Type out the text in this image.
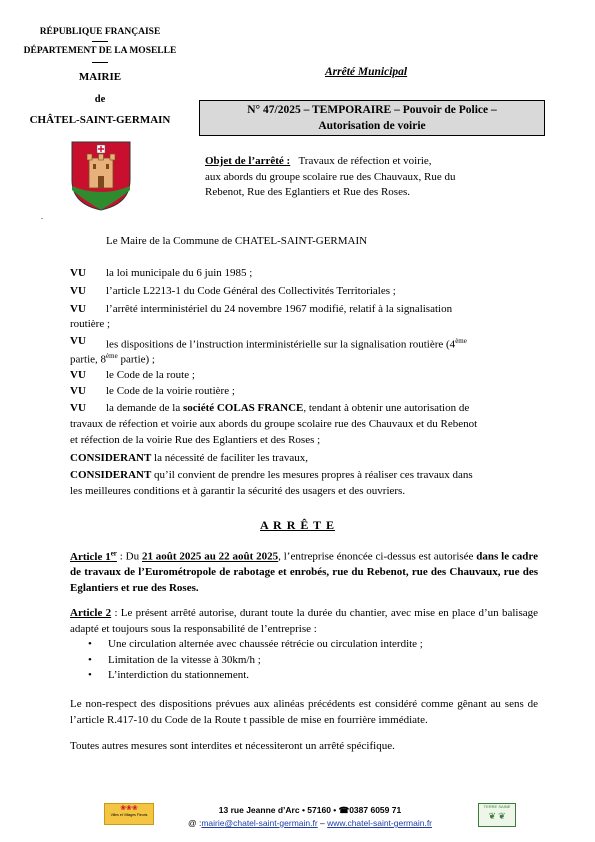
RÉPUBLIQUE FRANÇAISE
DÉPARTEMENT DE LA MOSELLE
MAIRIE
de
CHÂTEL-SAINT-GERMAIN
.
Arrêté Municipal
N° 47/2025 – TEMPORAIRE – Pouvoir de Police –
Autorisation de voirie
Objet de l’arrêté : Travaux de réfection et voirie,
aux abords du groupe scolaire rue des Chauvaux, Rue du
Rebenot, Rue des Eglantiers et Rue des Roses.
Le Maire de la Commune de CHATEL-SAINT-GERMAIN
VU la loi municipale du 6 juin 1985 ;
VU l’article L2213-1 du Code Général des Collectivités Territoriales ;
VU l’arrêté interministériel du 24 novembre 1967 modifié, relatif à la signalisation
routière ;
VU les dispositions de l’instruction interministérielle sur la signalisation routière (4ème
partie, 8ème partie) ;
VU le Code de la route ;
VU le Code de la voirie routière ;
VU la demande de la société COLAS FRANCE, tendant à obtenir une autorisation de
travaux de réfection et voirie aux abords du groupe scolaire rue des Chauvaux et du Rebenot
et réfection de la voirie Rue des Eglantiers et des Roses ;
CONSIDERANT la nécessité de faciliter les travaux,
CONSIDERANT qu’il convient de prendre les mesures propres à réaliser ces travaux dans
les meilleures conditions et à garantir la sécurité des usagers et des ouvriers.
A R R Ê T E
Article 1er : Du 21 août 2025 au 22 août 2025, l’entreprise énoncée ci-dessus est autorisée dans le cadre de travaux de l’Eurométropole de rabotage et enrobés, rue du Rebenot, rue des Chauvaux, rue des Eglantiers et rue des Roses.
Article 2 : Le présent arrêté autorise, durant toute la durée du chantier, avec mise en place d’un balisage adapté et toujours sous la responsabilité de l’entreprise :
• Une circulation alternée avec chaussée rétrécie ou circulation interdite ;
• Limitation de la vitesse à 30km/h ;
• L’interdiction du stationnement.
Le non-respect des dispositions prévues aux alinéas précédents est considéré comme gênant au sens de l’article R.417-10 du Code de la Route t passible de mise en fourrière immédiate.
Toutes autres mesures sont interdites et nécessiteront un arrêté spécifique.
❀❀❀
Villes et Villages Fleuris	13 rue Jeanne d’Arc • 57160 • ☎0387 6059 71
@ :mairie@chatel-saint-germain.fr – www.chatel-saint-germain.fr
TERRE SAINE
❦ ❦
